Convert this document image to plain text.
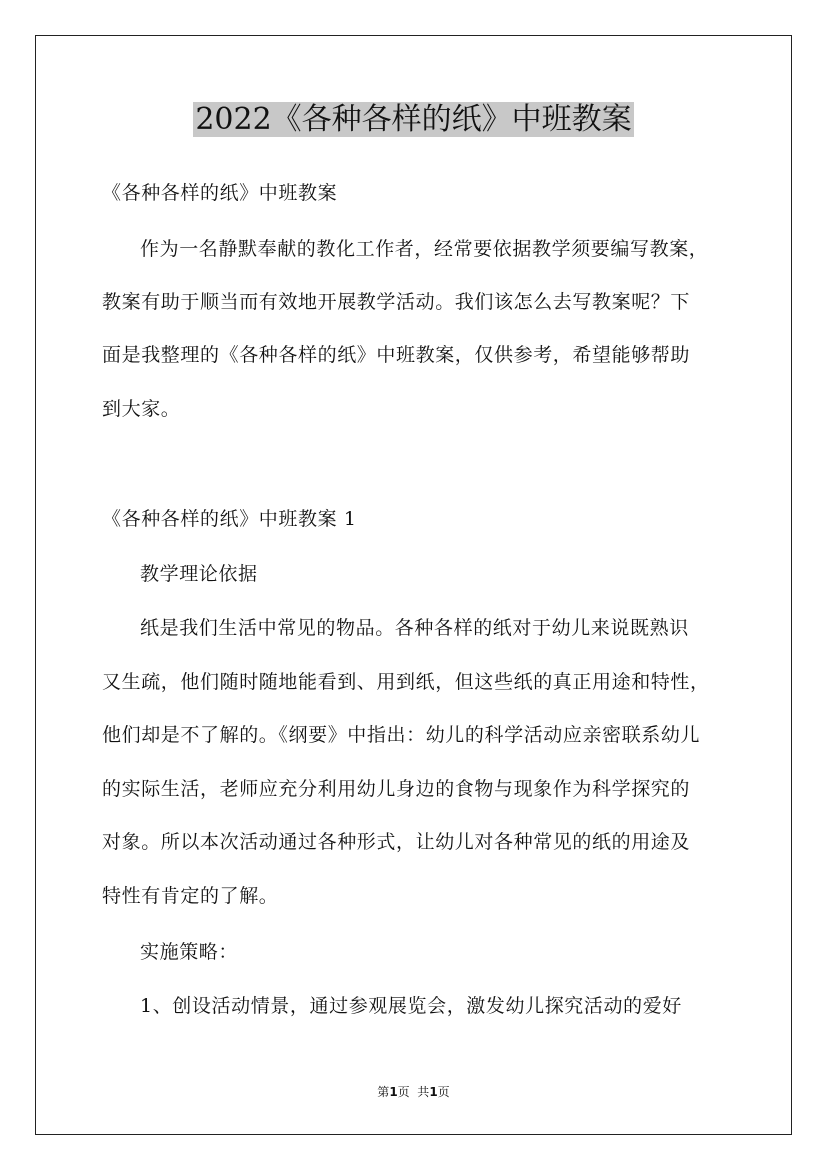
2022《各种各样的纸》中班教案

《各种各样的纸》中班教案

作为一名静默奉献的教化工作者，经常要依据教学须要编写教案，

教案有助于顺当而有效地开展教学活动。我们该怎么去写教案呢？下

面是我整理的《各种各样的纸》中班教案，仅供参考，希望能够帮助

到大家。

《各种各样的纸》中班教案 1

教学理论依据

纸是我们生活中常见的物品。各种各样的纸对于幼儿来说既熟识

又生疏，他们随时随地能看到、用到纸，但这些纸的真正用途和特性，

他们却是不了解的。《纲要》中指出：幼儿的科学活动应亲密联系幼儿

的实际生活，老师应充分利用幼儿身边的食物与现象作为科学探究的

对象。所以本次活动通过各种形式，让幼儿对各种常见的纸的用途及

特性有肯定的了解。

实施策略：

1、创设活动情景，通过参观展览会，激发幼儿探究活动的爱好

第1页  共1页
